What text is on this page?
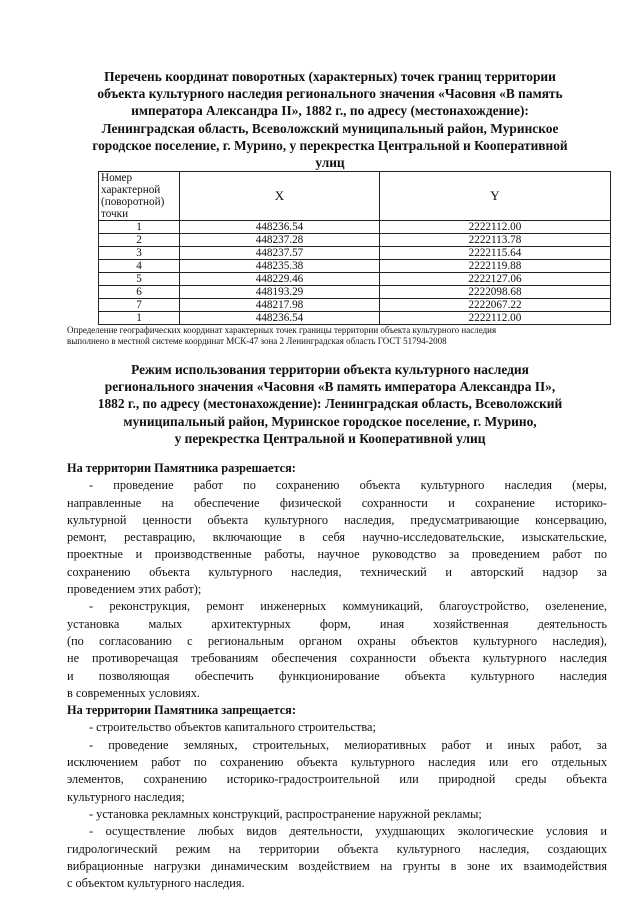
Перечень координат поворотных (характерных) точек границ территории
объекта культурного наследия регионального значения «Часовня «В память
императора Александра II», 1882 г., по адресу (местонахождение):
Ленинградская область, Всеволожский муниципальный район, Муринское
городское поселение, г. Мурино, у перекрестка Центральной и Кооперативной
улиц
Номер характерной (поворотной) точки	X	Y
1	448236.54	2222112.00
2	448237.28	2222113.78
3	448237.57	2222115.64
4	448235.38	2222119.88
5	448229.46	2222127.06
6	448193.29	2222098.68
7	448217.98	2222067.22
1	448236.54	2222112.00
Определение географических координат характерных точек границы территории объекта культурного наследия
выполнено в местной системе координат МСК-47 зона 2 Ленинградская область ГОСТ 51794-2008
Режим использования территории объекта культурного наследия
регионального значения «Часовня «В память императора Александра II»,
1882 г., по адресу (местонахождение): Ленинградская область, Всеволожский
муниципальный район, Муринское городское поселение, г. Мурино,
у перекрестка Центральной и Кооперативной улиц
На территории Памятника разрешается:
- проведение работ по сохранению объекта культурного наследия (меры,
направленные на обеспечение физической сохранности и сохранение историко-
культурной ценности объекта культурного наследия, предусматривающие консервацию,
ремонт, реставрацию, включающие в себя научно-исследовательские, изыскательские,
проектные и производственные работы, научное руководство за проведением работ по
сохранению объекта культурного наследия, технический и авторский надзор за
проведением этих работ);
- реконструкция, ремонт инженерных коммуникаций, благоустройство, озеленение,
установка малых архитектурных форм, иная хозяйственная деятельность
(по согласованию с региональным органом охраны объектов культурного наследия),
не противоречащая требованиям обеспечения сохранности объекта культурного наследия
и позволяющая обеспечить функционирование объекта культурного наследия
в современных условиях.
На территории Памятника запрещается:
- строительство объектов капитального строительства;
- проведение земляных, строительных, мелиоративных работ и иных работ, за
исключением работ по сохранению объекта культурного наследия или его отдельных
элементов, сохранению историко-градостроительной или природной среды объекта
культурного наследия;
- установка рекламных конструкций, распространение наружной рекламы;
- осуществление любых видов деятельности, ухудшающих экологические условия и
гидрологический режим на территории объекта культурного наследия, создающих
вибрационные нагрузки динамическим воздействием на грунты в зоне их взаимодействия
с объектом культурного наследия.
